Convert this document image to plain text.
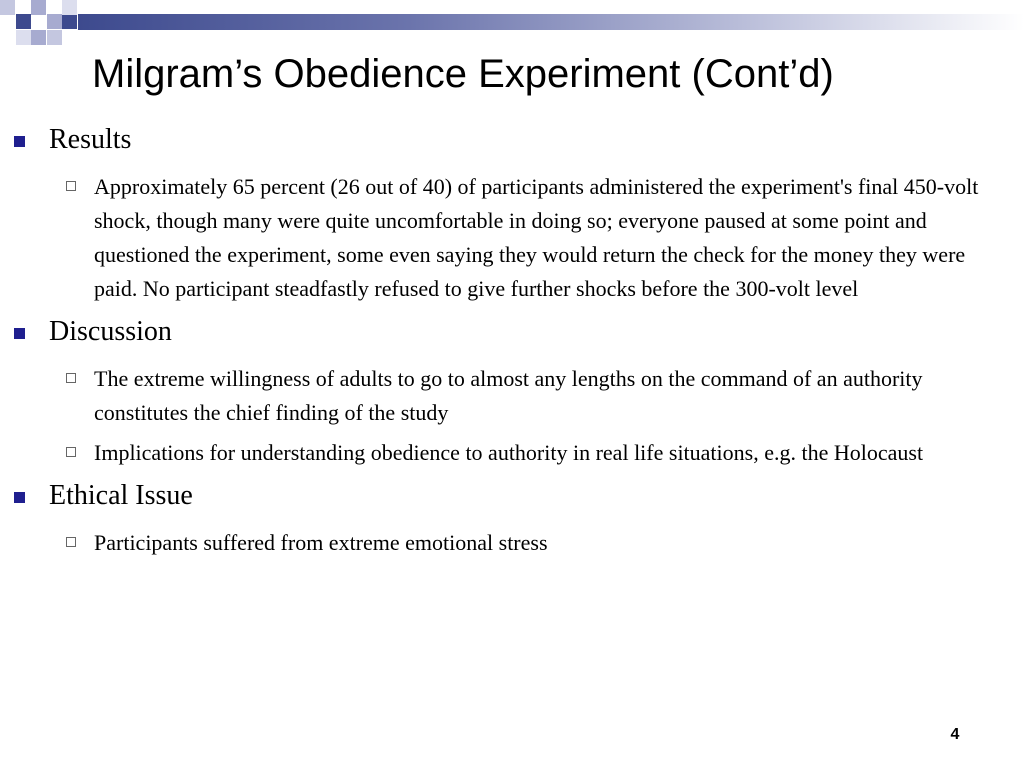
Milgram’s Obedience Experiment (Cont’d)
Results
Approximately 65 percent (26 out of 40) of participants administered the experiment's final 450-volt shock, though many were quite uncomfortable in doing so; everyone paused at some point and questioned the experiment, some even saying they would return the check for the money they were paid. No participant steadfastly refused to give further shocks before the 300-volt level
Discussion
The extreme willingness of adults to go to almost any lengths on the command of an authority constitutes the chief finding of the study
Implications for understanding obedience to authority in real life situations, e.g. the Holocaust
Ethical Issue
Participants suffered from extreme emotional stress
4
